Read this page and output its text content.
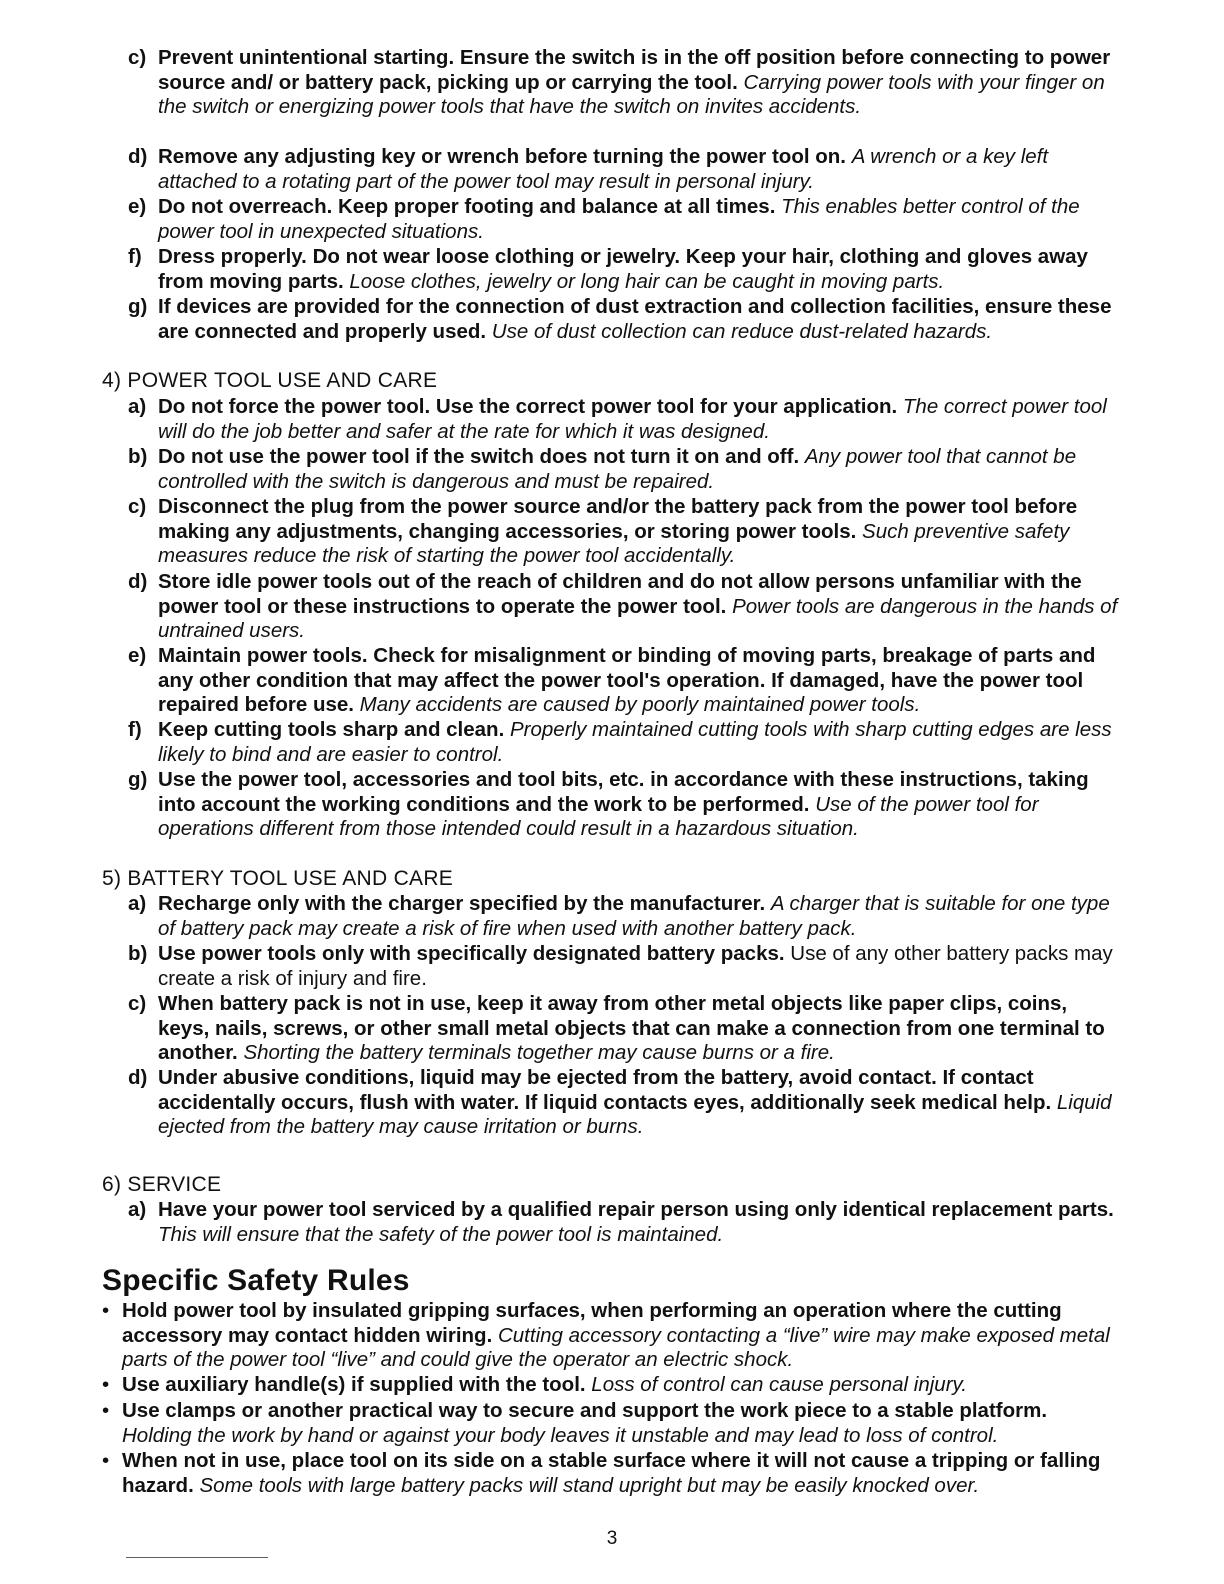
c) Prevent unintentional starting. Ensure the switch is in the off position before connecting to power source and/ or battery pack, picking up or carrying the tool. Carrying power tools with your finger on the switch or energizing power tools that have the switch on invites accidents.
d) Remove any adjusting key or wrench before turning the power tool on. A wrench or a key left attached to a rotating part of the power tool may result in personal injury.
e) Do not overreach. Keep proper footing and balance at all times. This enables better control of the power tool in unexpected situations.
f) Dress properly. Do not wear loose clothing or jewelry. Keep your hair, clothing and gloves away from moving parts. Loose clothes, jewelry or long hair can be caught in moving parts.
g) If devices are provided for the connection of dust extraction and collection facilities, ensure these are connected and properly used. Use of dust collection can reduce dust-related hazards.
4) POWER TOOL USE AND CARE
a) Do not force the power tool. Use the correct power tool for your application. The correct power tool will do the job better and safer at the rate for which it was designed.
b) Do not use the power tool if the switch does not turn it on and off. Any power tool that cannot be controlled with the switch is dangerous and must be repaired.
c) Disconnect the plug from the power source and/or the battery pack from the power tool before making any adjustments, changing accessories, or storing power tools. Such preventive safety measures reduce the risk of starting the power tool accidentally.
d) Store idle power tools out of the reach of children and do not allow persons unfamiliar with the power tool or these instructions to operate the power tool. Power tools are dangerous in the hands of untrained users.
e) Maintain power tools. Check for misalignment or binding of moving parts, breakage of parts and any other condition that may affect the power tool's operation. If damaged, have the power tool repaired before use. Many accidents are caused by poorly maintained power tools.
f) Keep cutting tools sharp and clean. Properly maintained cutting tools with sharp cutting edges are less likely to bind and are easier to control.
g) Use the power tool, accessories and tool bits, etc. in accordance with these instructions, taking into account the working conditions and the work to be performed. Use of the power tool for operations different from those intended could result in a hazardous situation.
5) BATTERY TOOL USE AND CARE
a) Recharge only with the charger specified by the manufacturer. A charger that is suitable for one type of battery pack may create a risk of fire when used with another battery pack.
b) Use power tools only with specifically designated battery packs. Use of any other battery packs may create a risk of injury and fire.
c) When battery pack is not in use, keep it away from other metal objects like paper clips, coins, keys, nails, screws, or other small metal objects that can make a connection from one terminal to another. Shorting the battery terminals together may cause burns or a fire.
d) Under abusive conditions, liquid may be ejected from the battery, avoid contact. If contact accidentally occurs, flush with water. If liquid contacts eyes, additionally seek medical help. Liquid ejected from the battery may cause irritation or burns.
6) SERVICE
a) Have your power tool serviced by a qualified repair person using only identical replacement parts. This will ensure that the safety of the power tool is maintained.
Specific Safety Rules
• Hold power tool by insulated gripping surfaces, when performing an operation where the cutting accessory may contact hidden wiring. Cutting accessory contacting a “live” wire may make exposed metal parts of the power tool “live” and could give the operator an electric shock.
• Use auxiliary handle(s) if supplied with the tool. Loss of control can cause personal injury.
• Use clamps or another practical way to secure and support the work piece to a stable platform. Holding the work by hand or against your body leaves it unstable and may lead to loss of control.
• When not in use, place tool on its side on a stable surface where it will not cause a tripping or falling hazard. Some tools with large battery packs will stand upright but may be easily knocked over.
3
